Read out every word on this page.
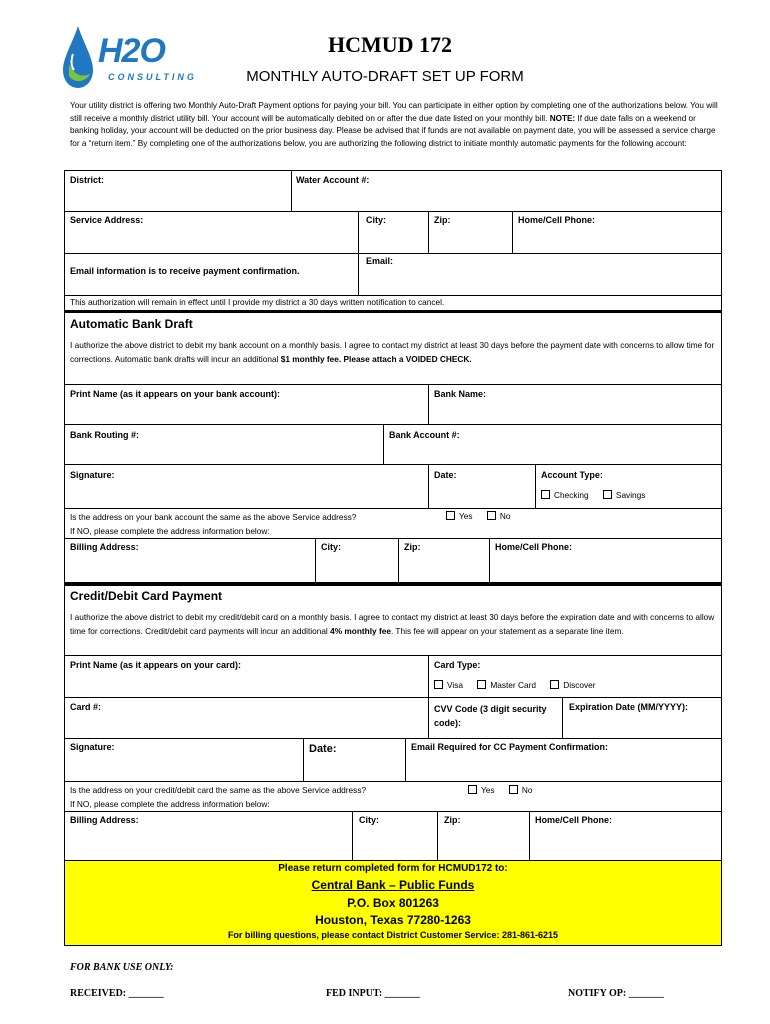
H2O
CONSULTING
HCMUD 172
MONTHLY AUTO-DRAFT SET UP FORM
Your utility district is offering two Monthly Auto-Draft Payment options for paying your bill. You can participate in either option by completing one of the authorizations below. You will still receive a monthly district utility bill. Your account will be automatically debited on or after the due date listed on your monthly bill. NOTE: If due date falls on a weekend or banking holiday, your account will be deducted on the prior business day. Please be advised that if funds are not available on payment date, you will be assessed a service charge for a “return item.” By completing one of the authorizations below, you are authorizing the following district to initiate monthly automatic payments for the following account:
District:	Water Account #:
Service Address:	City:	Zip:	Home/Cell Phone:
Email information is to receive payment confirmation.
Email:
This authorization will remain in effect until I provide my district a 30 days written notification to cancel.
Automatic Bank Draft
I authorize the above district to debit my bank account on a monthly basis. I agree to contact my district at least 30 days before the payment date with concerns to allow time for corrections. Automatic bank drafts will incur an additional $1 monthly fee. Please attach a VOIDED CHECK.
Print Name (as it appears on your bank account):	Bank Name:
Bank Routing #:	Bank Account #:
Signature:	Date:	Account Type:
Checking	Savings
Is the address on your bank account the same as the above Service address?	Yes	No
If NO, please complete the address information below:
Billing Address:	City:	Zip:	Home/Cell Phone:
Credit/Debit Card Payment
I authorize the above district to debit my credit/debit card on a monthly basis. I agree to contact my district at least 30 days before the expiration date and with concerns to allow time for corrections. Credit/debit card payments will incur an additional 4% monthly fee. This fee will appear on your statement as a separate line item.
Print Name (as it appears on your card):	Card Type:
Visa	Master Card	Discover
Card #:	CVV Code (3 digit security code):
Expiration Date (MM/YYYY):
Signature:	Date:	Email Required for CC Payment Confirmation:
Is the address on your credit/debit card the same as the above Service address?	Yes	No
If NO, please complete the address information below:
Billing Address:	City:	Zip:	Home/Cell Phone:
Please return completed form for HCMUD172 to:
Central Bank – Public Funds
P.O. Box 801263
Houston, Texas 77280-1263
For billing questions, please contact District Customer Service: 281-861-6215
FOR BANK USE ONLY:
RECEIVED: _______	FED INPUT: _______	NOTIFY OP: _______
